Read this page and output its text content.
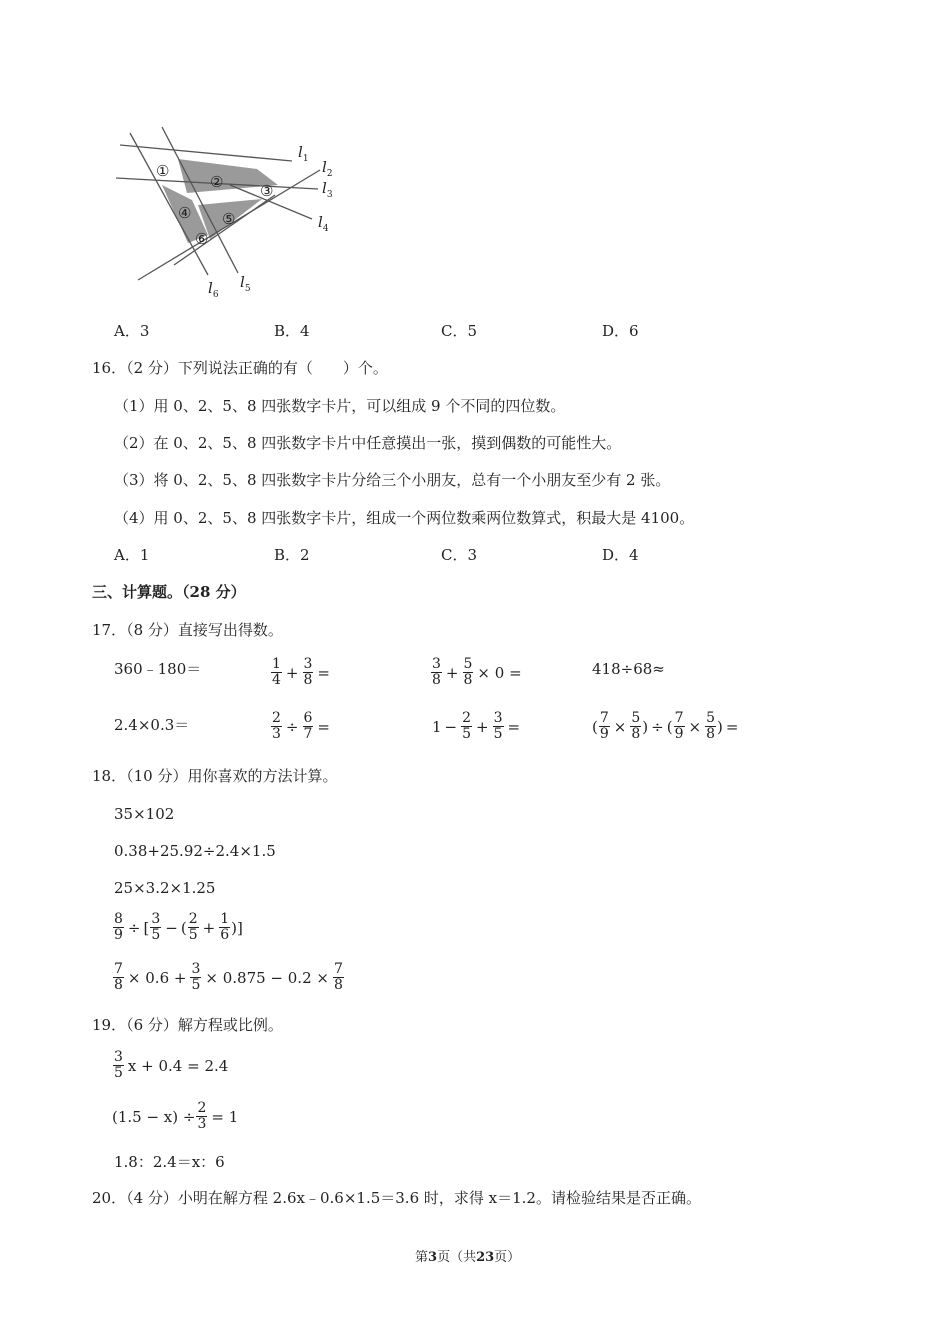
①
② ③
④ ⑤
⑥
$l_1$ $l_2$
$l_3$
$l_4$
$l_5$
$l_6$
A．3	B．4	C．5	D．6
16．（2 分）下列说法正确的有（　　）个。
（1）用 0、2、5、8 四张数字卡片，可以组成 9 个不同的四位数。
（2）在 0、2、5、8 四张数字卡片中任意摸出一张，摸到偶数的可能性大。
（3）将 0、2、5、8 四张数字卡片分给三个小朋友，总有一个小朋友至少有 2 张。
（4）用 0、2、5、8 四张数字卡片，组成一个两位数乘两位数算式，积最大是 4100。
A．1	B．2	C．3	D．4
三、计算题。（28 分）
17．（8 分）直接写出得数。
360﹣180＝	$\frac{1}{4} + \frac{3}{8}$ =	$\frac{3}{8} + \frac{5}{8} \times 0$ =	418÷68≈
2.4×0.3＝	$\frac{2}{3} \div \frac{6}{7}$ =	$1 - \frac{2}{5} + \frac{3}{5}$ =	( $\frac{7}{9} \times \frac{5}{8}$ ) ÷ ( $\frac{7}{9} \times \frac{5}{8}$ ) =
18．（10 分）用你喜欢的方法计算。
35×102
0.38+25.92÷2.4×1.5
25×3.2×1.25
$\frac{8}{9}$ ÷ [ $\frac{3}{5}$ − ( $\frac{2}{5} + \frac{1}{6}$ )]
$\frac{7}{8} \times 0.6 + \frac{3}{5} \times 0.875 - 0.2 \times \frac{7}{8}$
19．（6 分）解方程或比例。
$\frac{3}{5}$ x + 0.4 = 2.4
$(1.5 - x) \div \frac{2}{3} = 1$
1.8：2.4＝x：6
20．（4 分）小明在解方程 2.6x﹣0.6×1.5＝3.6 时，求得 x＝1.2。请检验结果是否正确。
第3页（共23页）
